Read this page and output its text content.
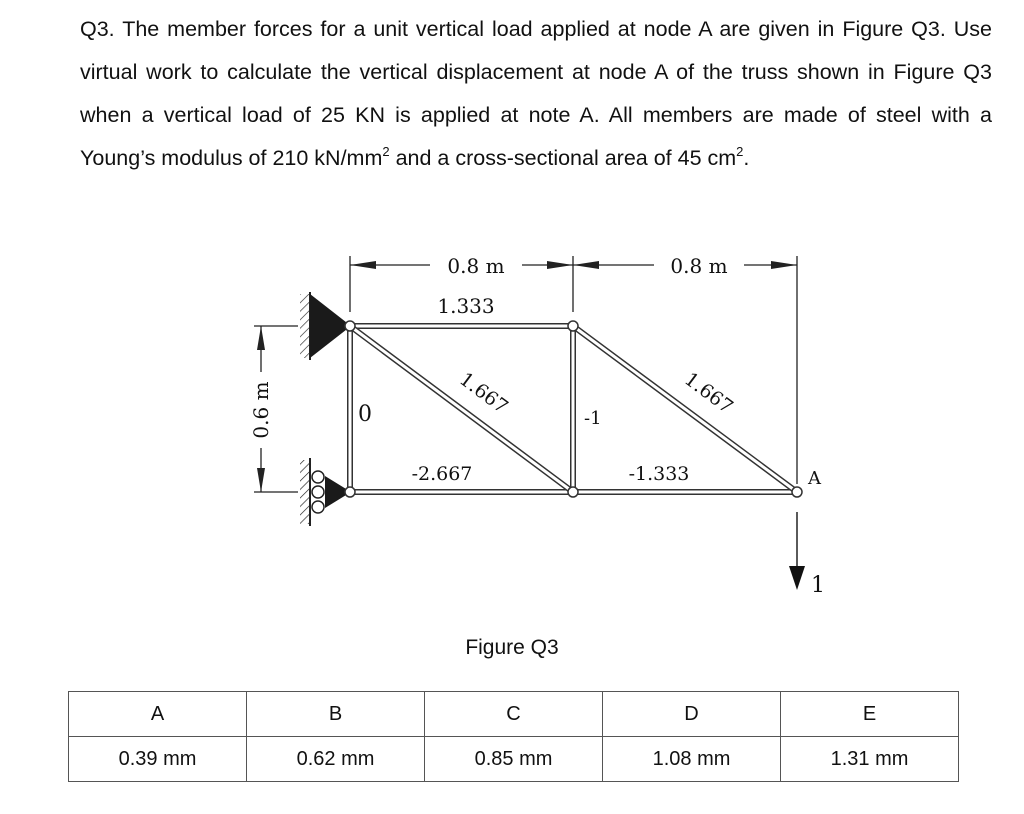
Q3. The member forces for a unit vertical load applied at node A are given in Figure Q3. Use virtual work to calculate the vertical displacement at node A of the truss shown in Figure Q3 when a vertical load of 25 KN is applied at note A. All members are made of steel with a Young’s modulus of 210 $kN/mm^2$ and a cross-sectional area of 45 $cm^2$.

0.8 m	0.8 m
0.6 m
1.333
1.667	1.667
0	-1
-2.667	-1.333	A
1

Figure Q3

A	B	C	D	E
0.39 mm	0.62 mm	0.85 mm	1.08 mm	1.31 mm
